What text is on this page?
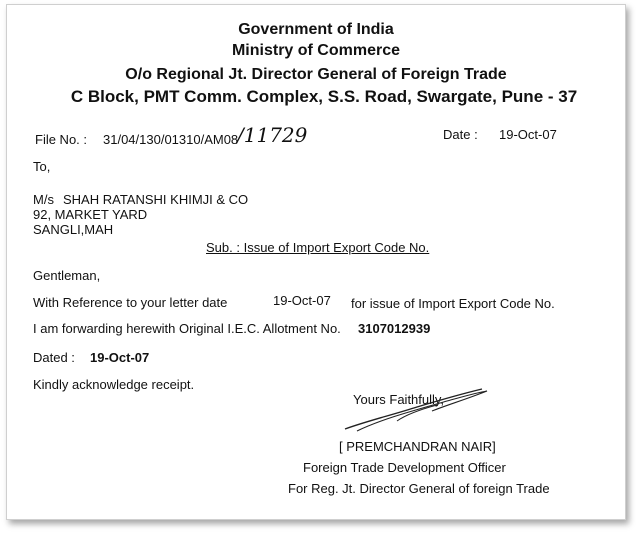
Government of India
Ministry of Commerce
O/o Regional Jt. Director General of Foreign Trade
C Block, PMT Comm. Complex, S.S. Road, Swargate, Pune - 37
File No. : 31/04/130/01310/AM08
/11729	Date : 19-Oct-07
To,
M/s SHAH RATANSHI KHIMJI & CO
92, MARKET YARD
SANGLI,MAH
Sub. : Issue of Import Export Code No.
Gentleman,
With Reference to your letter date	19-Oct-07 for issue of Import Export Code No.
I am forwarding herewith Original I.E.C. Allotment No. 3107012939
Dated : 19-Oct-07
Kindly acknowledge receipt.
Yours Faithfully,
[ PREMCHANDRAN NAIR]
Foreign Trade Development Officer
For Reg. Jt. Director General of foreign Trade
